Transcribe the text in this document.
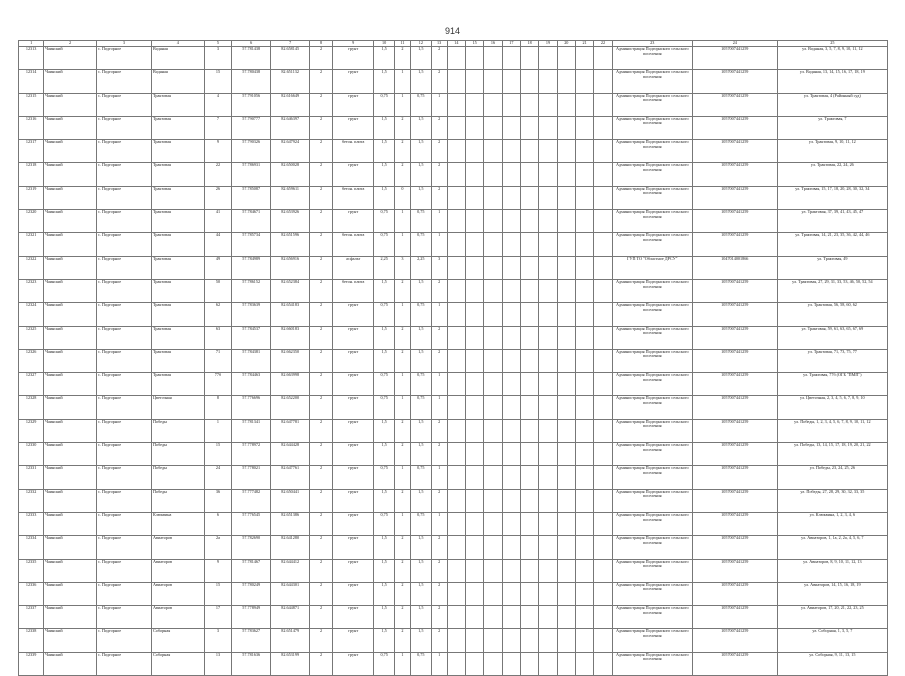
914
1	2	3	4	5	6	7	8	9	10	11	12	13	14	15	16	17	18	19	20	21	22	23	24	25
12313	Чаинский	с. Подгорное	Водяная	3	57.781438	82.658145	2	грунт	1,5	2	1,5	2										Администрация Подгорнского сельского поселения	1057007441259	ул. Водяная, 3, 5, 7, 8, 9, 10, 11, 12
12314	Чаинский	с. Подгорное	Водяная	15	57.780438	82.651132	2	грунт	1,5	1	1,5	2										Администрация Подгорнского сельского поселения	1057007441259	ул. Водяная, 13, 14, 15, 16, 17, 18, 19
12315	Чаинский	с. Подгорное	Трактовая	4	57.791056	82.616649	2	грунт	0,75	1	0,75	1										Администрация Подгорнского сельского поселения	1057007441259	ул. Трактовая, 4 (Районный суд)
12316	Чаинский	с. Подгорное	Трактовая	7	57.790777	82.646397	2	грунт	1,5	2	1,5	2										Администрация Подгорнского сельского поселения	1057007441259	ул. Трактовая, 7
12317	Чаинский	с. Подгорное	Трактовая	9	57.790326	82.647924	2	бетон. плита	1,5	2	1,5	2										Администрация Подгорнского сельского поселения	1057007441259	ул. Трактовая, 9, 10, 11, 12
12318	Чаинский	с. Подгорное	Трактовая	22	57.786931	82.650028	2	грунт	1,5	2	1,5	2										Администрация Подгорнского сельского поселения	1057007441259	ул. Трактовая, 22, 24, 26
12319	Чаинский	с. Подгорное	Трактовая	26	57.785087	82.659611	2	бетон. плита	1,5	0	1,5	2										Администрация Подгорнского сельского поселения	1057007441259	ул. Трактовая, 15, 17, 18, 20, 28, 30, 32, 34
12320	Чаинский	с. Подгорное	Трактовая	41	57.784671	82.653926	2	грунт	0,75	1	0,75	1										Администрация Подгорнского сельского поселения	1057007441259	ул. Трактовая, 37, 39, 41, 43, 45, 47
12321	Чаинский	с. Подгорное	Трактовая	44	57.785734	82.651596	2	бетон. плита	0,75	1	0,75	1										Администрация Подгорнского сельского поселения	1057007441259	ул. Трактовая, 14, 21, 23, 35, 36, 42, 44, 46
12322	Чаинский	с. Подгорное	Трактовая	49	57.784989	82.656916	2	асфальт	2,25	3	2,25	3										ГУП ТО "Областное ДРСУ"	1047014001866	ул. Трактовая, 49
12323	Чаинский	с. Подгорное	Трактовая	50	57.786152	82.652384	2	бетон. плита	1,5	2	1,5	2										Администрация Подгорнского сельского поселения	1057007441259	ул. Трактовая, 27, 29, 31, 33, 53, 46, 50, 52, 54
12324	Чаинский	с. Подгорное	Трактовая	62	57.783639	82.654183	2	грунт	0,75	1	0,75	1										Администрация Подгорнского сельского поселения	1057007441259	ул. Трактовая, 56, 58, 60, 62
12325	Чаинский	с. Подгорное	Трактовая	63	57.784537	82.660183	2	грунт	1,5	2	1,5	2										Администрация Подгорнского сельского поселения	1057007441259	ул. Трактовая, 59, 61, 63, 65, 67, 69
12326	Чаинский	с. Подгорное	Трактовая	71	57.784381	82.662350	2	грунт	1,5	2	1,5	2										Администрация Подгорнского сельского поселения	1057007441259	ул. Трактовая, 71, 73, 75, 77
12327	Чаинский	с. Подгорное	Трактовая	77б	57.784463	82.663998	2	грунт	0,75	1	0,75	1										Администрация Подгорнского сельского поселения	1057007441259	ул. Трактовая, 77б (ОГБ "ПМП")
12328	Чаинский	с. Подгорное	Цветочная	8	57.776696	82.652200	2	грунт	0,75	1	0,75	1										Администрация Подгорнского сельского поселения	1057007441259	ул. Цветочная, 2, 3, 4, 5, 6, 7, 8, 9, 10
12329	Чаинский	с. Подгорное	Победы	1	57.781341	82.647781	2	грунт	1,5	2	1,5	2										Администрация Подгорнского сельского поселения	1057007441259	ул. Победы, 1, 2, 3, 4, 5, 6, 7, 8, 9, 10, 11, 12
12330	Чаинский	с. Подгорное	Победы	15	57.778972	82.644428	2	грунт	1,5	2	1,5	2										Администрация Подгорнского сельского поселения	1057007441259	ул. Победы, 13, 14, 15, 17, 18, 19, 20, 21, 22
12331	Чаинский	с. Подгорное	Победы	24	57.778021	82.647761	2	грунт	0,75	1	0,75	1										Администрация Подгорнского сельского поселения	1057007441259	ул. Победы, 23, 24, 25, 26
12332	Чаинский	с. Подгорное	Победы	36	57.777482	82.650441	2	грунт	1,5	2	1,5	2										Администрация Подгорнского сельского поселения	1057007441259	ул. Победы, 27, 28, 29, 30, 32, 33, 35
12333	Чаинский	с. Подгорное	Клюквина	6	57.776545	82.651386	2	грунт	0,75	1	0,75	1										Администрация Подгорнского сельского поселения	1057007441259	ул. Клюквина, 1, 2, 3, 4, 6
12334	Чаинский	с. Подгорное	Авиаторов	2а	57.782690	82.641280	2	грунт	1,5	2	1,5	2										Администрация Подгорнского сельского поселения	1057007441259	ул. Авиаторов, 1, 1а, 2, 2а, 4, 5, 6, 7
12335	Чаинский	с. Подгорное	Авиаторов	9	57.781467	82.644412	2	грунт	1,5	2	1,5	2										Администрация Подгорнского сельского поселения	1057007441259	ул. Авиаторов, 8, 9, 10, 11, 12, 13
12336	Чаинский	с. Подгорное	Авиаторов	15	57.780249	82.644301	2	грунт	1,5	2	1,5	2										Администрация Подгорнского сельского поселения	1057007441259	ул. Авиаторов, 14, 15, 16, 18, 19
12337	Чаинский	с. Подгорное	Авиаторов	17	57.778949	82.644871	2	грунт	1,5	2	1,5	2										Администрация Подгорнского сельского поселения	1057007441259	ул. Авиаторов, 17, 20, 21, 22, 23, 25
12338	Чаинский	с. Подгорное	Соборная	3	57.783627	82.651479	2	грунт	1,5	2	1,5	2										Администрация Подгорнского сельского поселения	1057007441259	ул. Соборная, 1, 3, 5, 7
12339	Чаинский	с. Подгорное	Соборная	13	57.781636	82.653199	2	грунт	0,75	1	0,75	1										Администрация Подгорнского сельского поселения	1057007441259	ул. Соборная, 9, 11, 13, 15
